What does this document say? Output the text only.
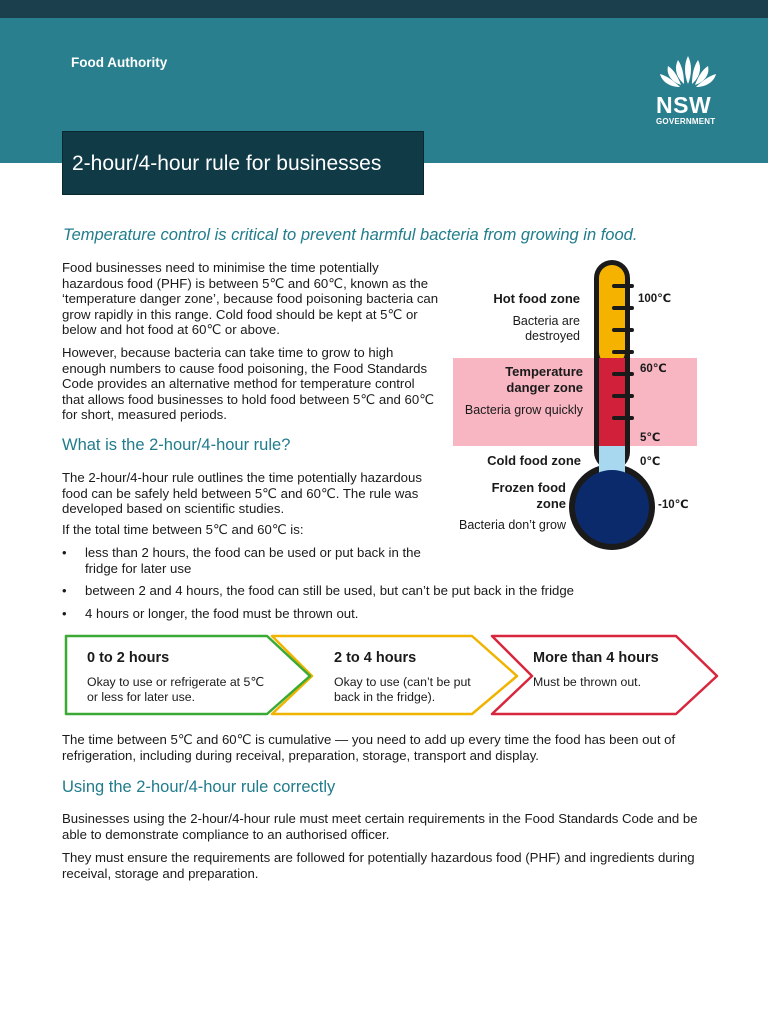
Food Authority
NSW
GOVERNMENT
2-hour/4-hour rule for businesses
Temperature control is critical to prevent harmful bacteria from growing in food.
Food businesses need to minimise the time potentially hazardous food (PHF) is between 5℃ and 60℃, known as the ‘temperature danger zone’, because food poisoning bacteria can grow rapidly in this range. Cold food should be kept at 5℃ or below and hot food at 60℃ or above.
However, because bacteria can take time to grow to high enough numbers to cause food poisoning, the Food Standards Code provides an alternative method for temperature control that allows food businesses to hold food between 5℃ and 60℃ for short, measured periods.
What is the 2-hour/4-hour rule?
The 2-hour/4-hour rule outlines the time potentially hazardous food can be safely held between 5℃ and 60℃. The rule was developed based on scientific studies.
If the total time between 5℃ and 60℃ is:
• less than 2 hours, the food can be used or put back in the fridge for later use
• between 2 and 4 hours, the food can still be used, but can’t be put back in the fridge
• 4 hours or longer, the food must be thrown out.
Hot food zone
Bacteria are destroyed
Temperature
danger zone
Bacteria grow quickly
Cold food zone
Frozen food
zone
Bacteria don’t grow
100℃
60℃
5℃
0℃
-10℃
0 to 2 hours
Okay to use or refrigerate at 5℃ or less for later use.
2 to 4 hours
Okay to use (can’t be put back in the fridge).
More than 4 hours
Must be thrown out.
The time between 5℃ and 60℃ is cumulative — you need to add up every time the food has been out of refrigeration, including during receival, preparation, storage, transport and display.
Using the 2-hour/4-hour rule correctly
Businesses using the 2-hour/4-hour rule must meet certain requirements in the Food Standards Code and be able to demonstrate compliance to an authorised officer.
They must ensure the requirements are followed for potentially hazardous food (PHF) and ingredients during receival, storage and preparation.
